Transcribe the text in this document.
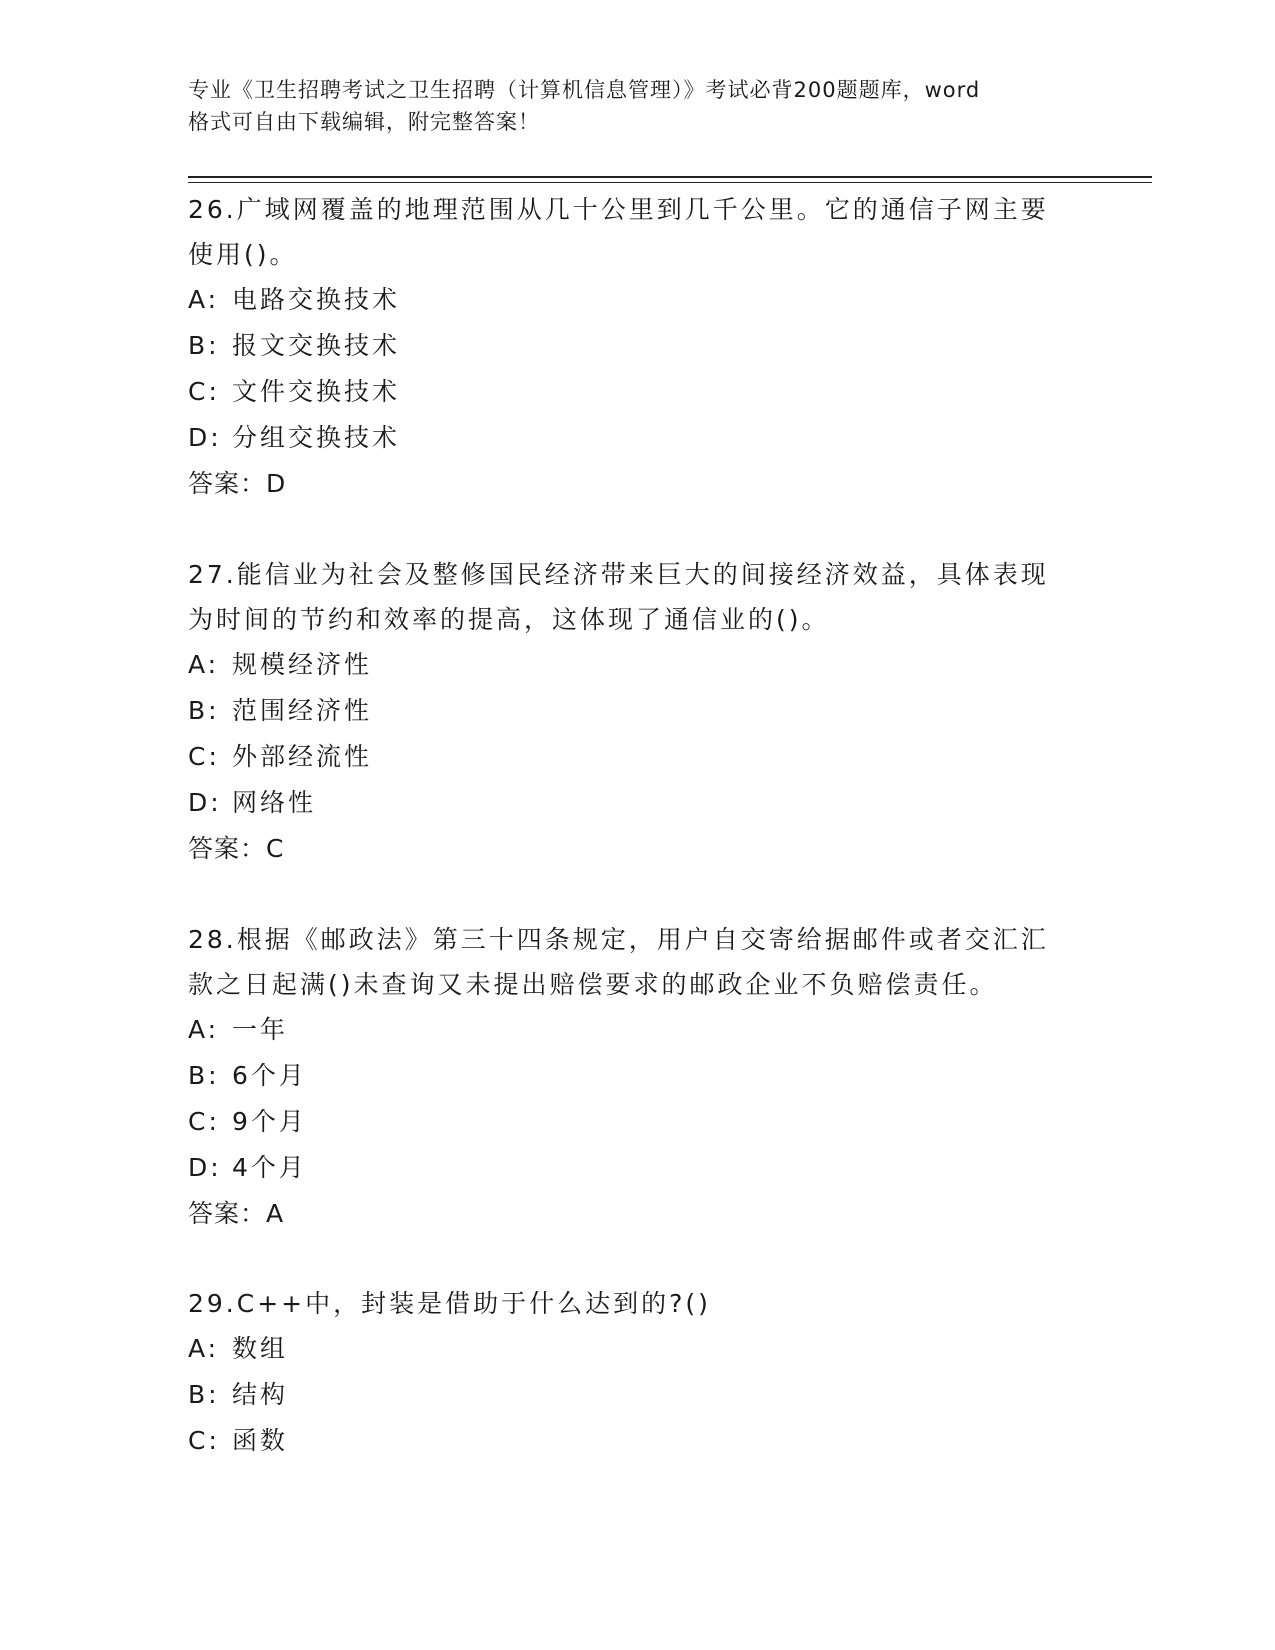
专业《卫生招聘考试之卫生招聘（计算机信息管理）》考试必背200题题库，word
格式可自由下载编辑，附完整答案！

26.广域网覆盖的地理范围从几十公里到几千公里。它的通信子网主要

使用()。

A: 电路交换技术

B: 报文交换技术

C: 文件交换技术

D: 分组交换技术

答案：D

27.能信业为社会及整修国民经济带来巨大的间接经济效益，具体表现

为时间的节约和效率的提高，这体现了通信业的()。

A: 规模经济性

B: 范围经济性

C: 外部经流性

D: 网络性

答案：C

28.根据《邮政法》第三十四条规定，用户自交寄给据邮件或者交汇汇

款之日起满()未查询又未提出赔偿要求的邮政企业不负赔偿责任。

A: 一年

B: 6个月

C: 9个月

D: 4个月

答案：A

29.C++中，封装是借助于什么达到的?()

A: 数组

B: 结构

C: 函数
